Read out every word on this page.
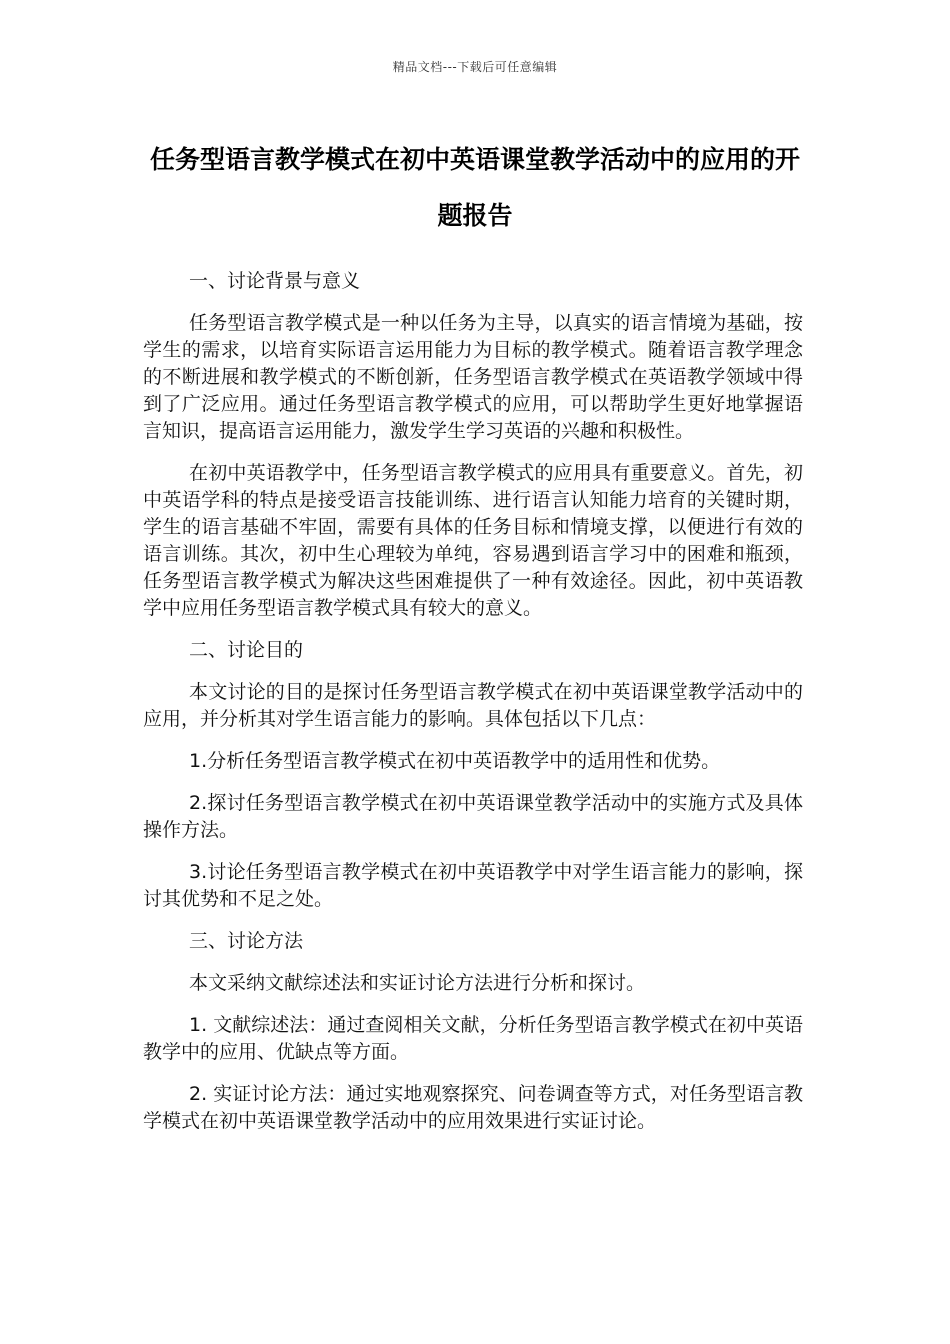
精品文档---下载后可任意编辑
任务型语言教学模式在初中英语课堂教学活动中的应用的开题报告

一、讨论背景与意义

任务型语言教学模式是一种以任务为主导，以真实的语言情境为基础，按学生的需求，以培育实际语言运用能力为目标的教学模式。随着语言教学理念的不断进展和教学模式的不断创新，任务型语言教学模式在英语教学领域中得到了广泛应用。通过任务型语言教学模式的应用，可以帮助学生更好地掌握语言知识，提高语言运用能力，激发学生学习英语的兴趣和积极性。

在初中英语教学中，任务型语言教学模式的应用具有重要意义。首先，初中英语学科的特点是接受语言技能训练、进行语言认知能力培育的关键时期，学生的语言基础不牢固，需要有具体的任务目标和情境支撑，以便进行有效的语言训练。其次，初中生心理较为单纯，容易遇到语言学习中的困难和瓶颈，任务型语言教学模式为解决这些困难提供了一种有效途径。因此，初中英语教学中应用任务型语言教学模式具有较大的意义。

二、讨论目的

本文讨论的目的是探讨任务型语言教学模式在初中英语课堂教学活动中的应用，并分析其对学生语言能力的影响。具体包括以下几点：

1.分析任务型语言教学模式在初中英语教学中的适用性和优势。

2.探讨任务型语言教学模式在初中英语课堂教学活动中的实施方式及具体操作方法。

3.讨论任务型语言教学模式在初中英语教学中对学生语言能力的影响，探讨其优势和不足之处。

三、讨论方法

本文采纳文献综述法和实证讨论方法进行分析和探讨。

1. 文献综述法：通过查阅相关文献，分析任务型语言教学模式在初中英语教学中的应用、优缺点等方面。

2. 实证讨论方法：通过实地观察探究、问卷调查等方式，对任务型语言教学模式在初中英语课堂教学活动中的应用效果进行实证讨论。
